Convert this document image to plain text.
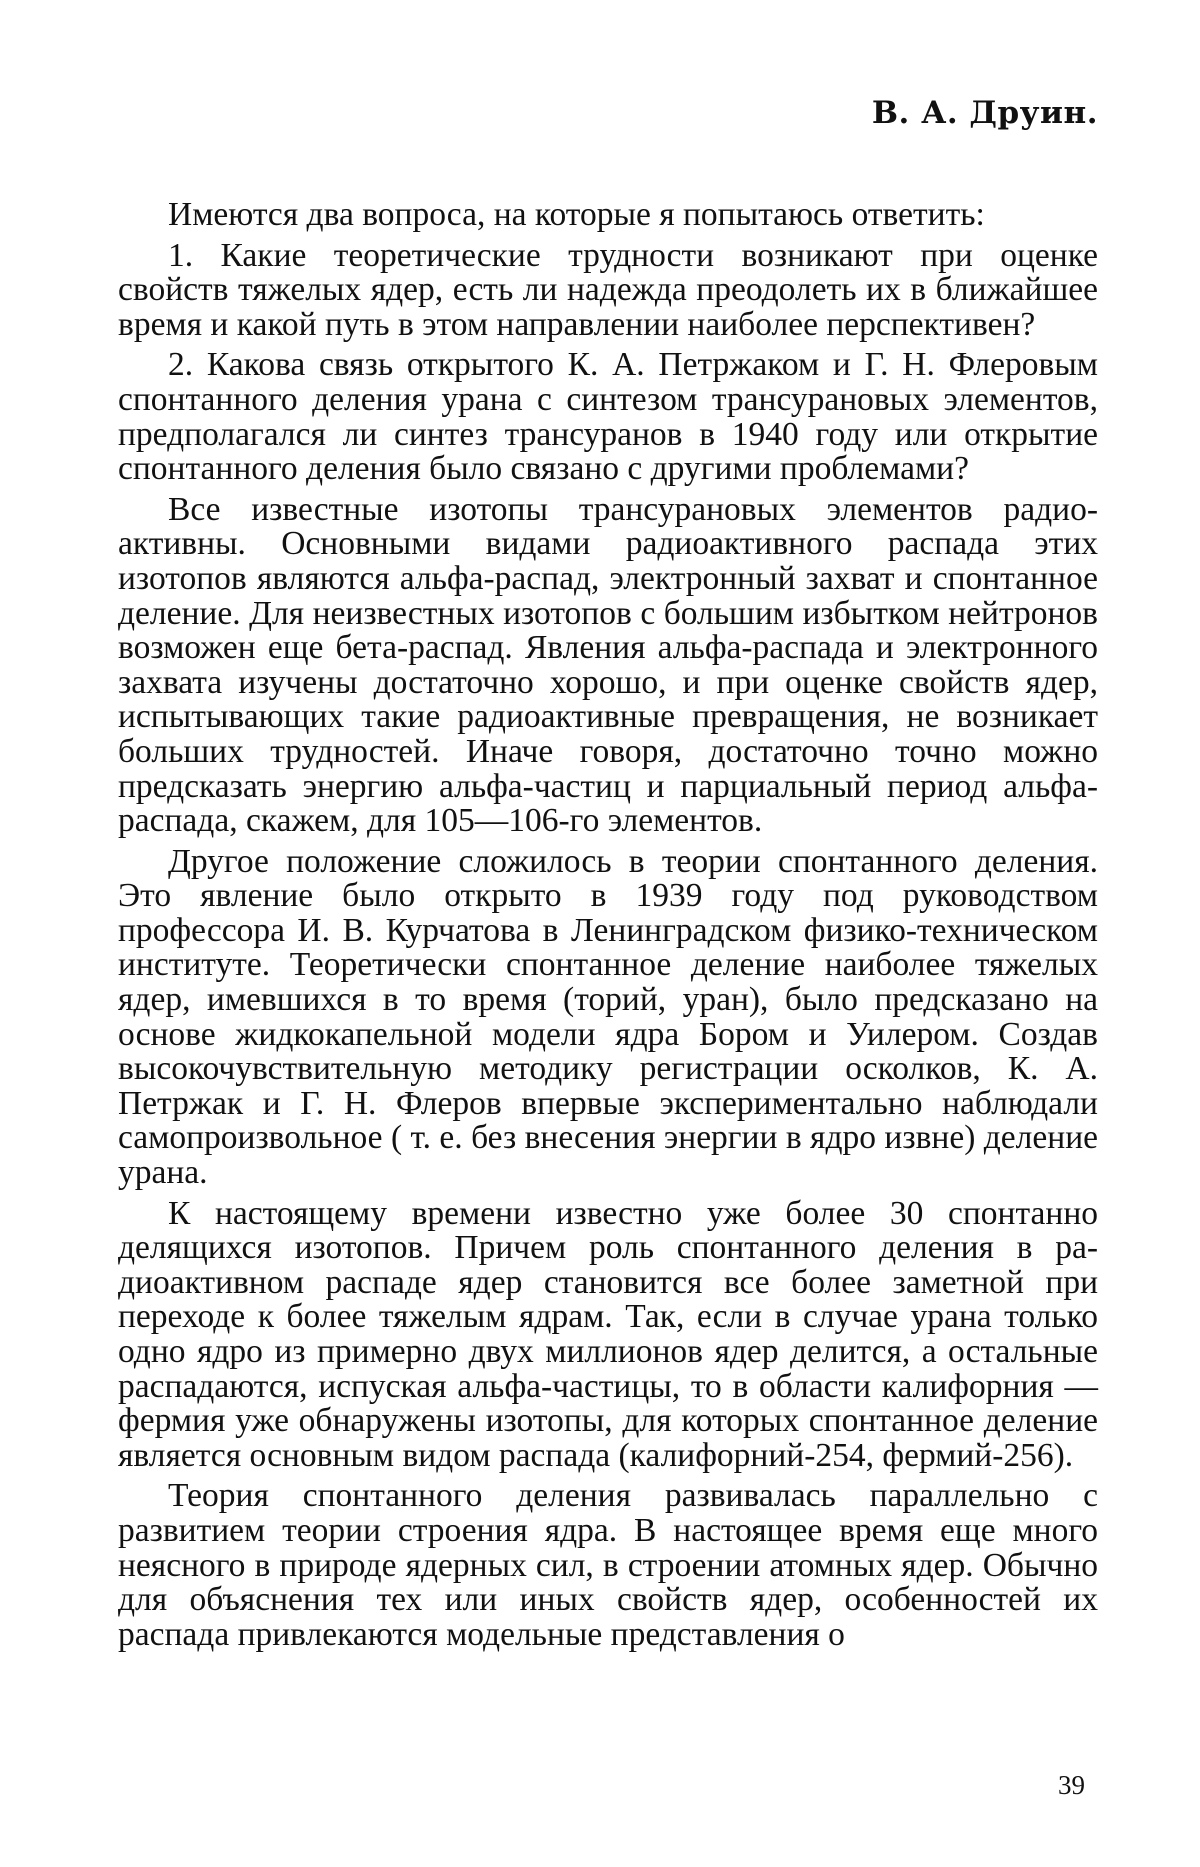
В. А. Друин.

Имеются два вопроса, на которые я попытаюсь ответить:

1. Какие теоретические трудности возникают при оценке свойств тяжелых ядер, есть ли надежда преодолеть их в ближайшее время и какой путь в этом направлении наиболее перспективен?

2. Какова связь открытого К. А. Петржаком и Г. Н. Флеровым спонтанного деления урана с синтезом трансурановых элементов, предполагался ли синтез трансуранов в 1940 году или открытие спонтанного деления было связано с другими проблемами?

Все известные изотопы трансурановых элементов радиоактивны. Основными видами радиоактивного распада этих изотопов являются альфа-распад, электронный захват и спонтанное деление. Для неизвестных изотопов с большим избытком нейтронов возможен еще бета-распад. Явления альфа-распада и электронного захвата изучены достаточно хорошо, и при оценке свойств ядер, испытывающих такие радиоактивные превращения, не возникает больших трудностей. Иначе говоря, достаточно точно можно предсказать энергию альфа-частиц и парциальный период альфа-распада, скажем, для 105—106-го элементов.

Другое положение сложилось в теории спонтанного деления. Это явление было открыто в 1939 году под руководством профессора И. В. Курчатова в Ленинградском физико-техническом институте. Теоретически спонтанное деление наиболее тяжелых ядер, имевшихся в то время (торий, уран), было предсказано на основе жидкокапельной модели ядра Бором и Уилером. Создав высокочувствительную методику регистрации осколков, К. А. Петржак и Г. Н. Флеров впервые экспериментально наблюдали самопроизвольное ( т. е. без внесения энергии в ядро извне) деление урана.

К настоящему времени известно уже более 30 спонтанно делящихся изотопов. Причем роль спонтанного деления в радиоактивном распаде ядер становится все более заметной при переходе к более тяжелым ядрам. Так, если в случае урана только одно ядро из примерно двух миллионов ядер делится, а остальные распадаются, испуская альфа-частицы, то в области калифорния — фермия уже обнаружены изотопы, для которых спонтанное деление является основным видом распада (калифорний-254, фермий-256).

Теория спонтанного деления развивалась параллельно с развитием теории строения ядра. В настоящее время еще много неясного в природе ядерных сил, в строении атомных ядер. Обычно для объяснения тех или иных свойств ядер, особенностей их распада привлекаются модельные представления о

39
